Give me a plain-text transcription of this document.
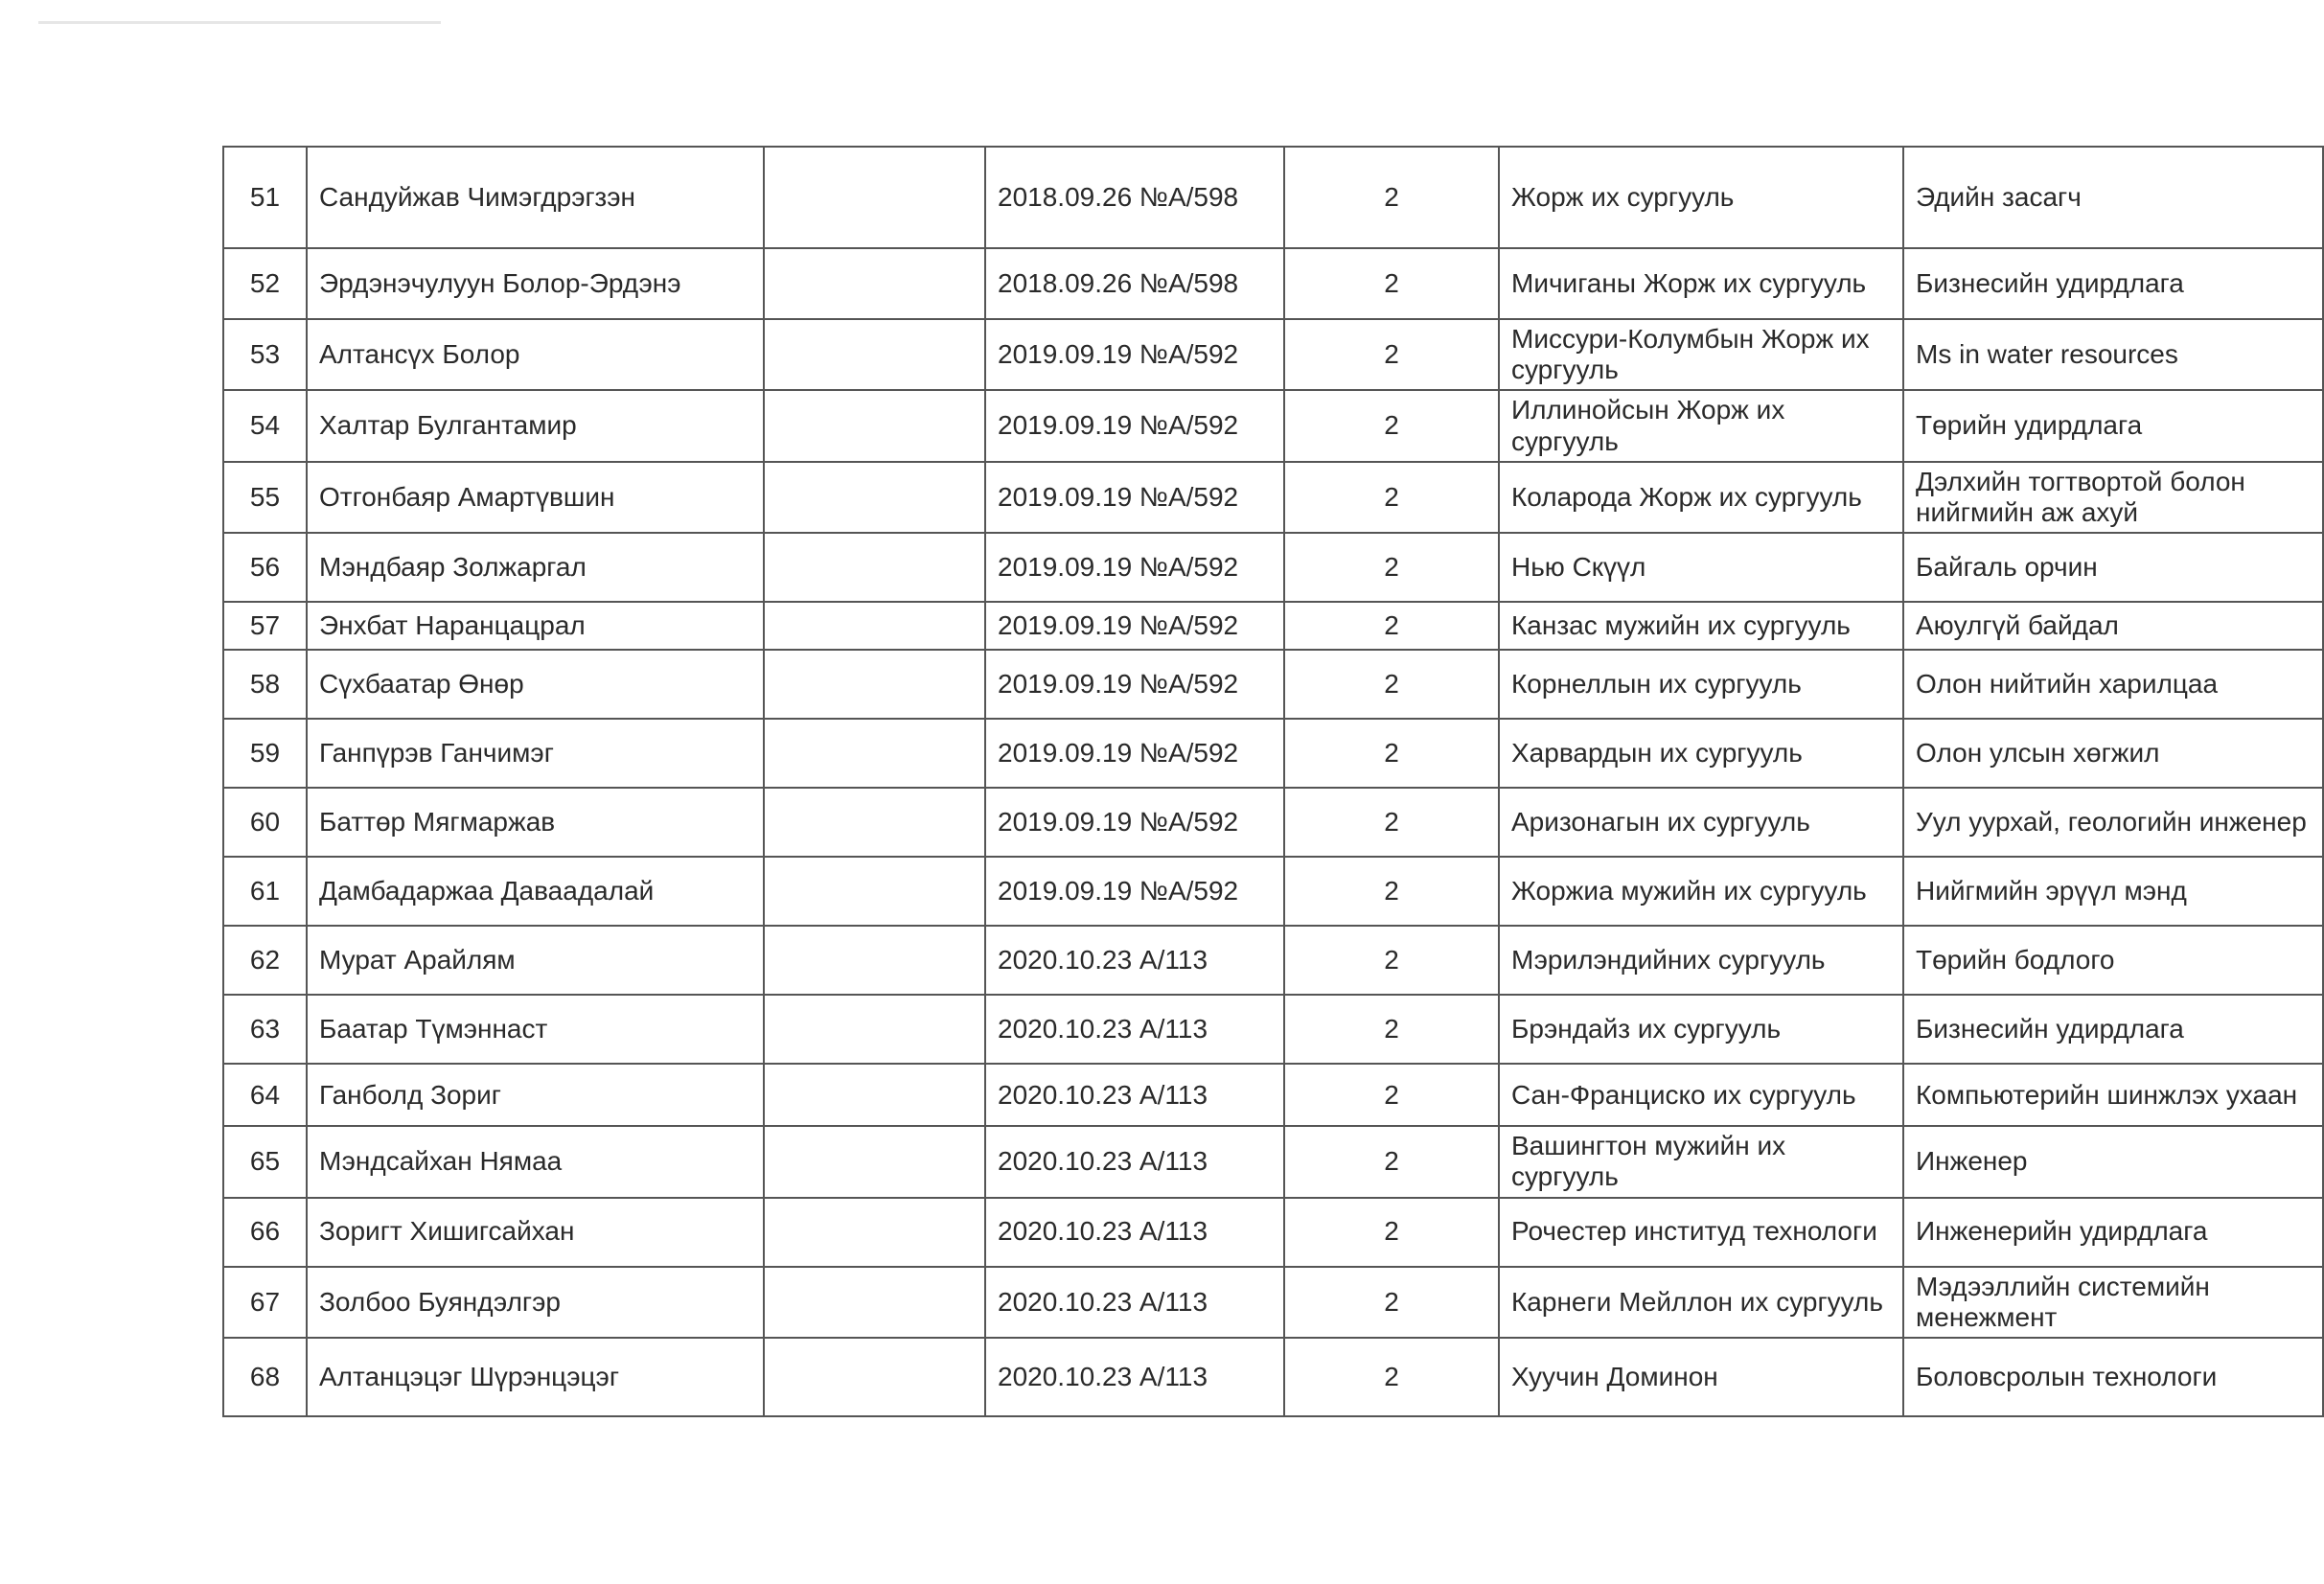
51	Сандуйжав Чимэгдрэгзэн		2018.09.26 №А/598	2	Жорж их сургууль	Эдийн засагч
52	Эрдэнэчулуун Болор-Эрдэнэ		2018.09.26 №А/598	2	Мичиганы Жорж их сургууль	Бизнесийн удирдлага
53	Алтансүх Болор		2019.09.19 №А/592	2	Миссури-Колумбын Жорж их сургууль	Ms in water resources
54	Халтар Булгантамир		2019.09.19 №А/592	2	Иллинойсын Жорж их сургууль	Төрийн удирдлага
55	Отгонбаяр Амартүвшин		2019.09.19 №А/592	2	Коларода Жорж их сургууль	Дэлхийн тогтвортой болон нийгмийн аж ахуй
56	Мэндбаяр Золжаргал		2019.09.19 №А/592	2	Нью Скүүл	Байгаль орчин
57	Энхбат Наранцацрал		2019.09.19 №А/592	2	Канзас мужийн их сургууль	Аюулгүй байдал
58	Сүхбаатар Өнөр		2019.09.19 №А/592	2	Корнеллын их сургууль	Олон нийтийн харилцаа
59	Ганпүрэв Ганчимэг		2019.09.19 №А/592	2	Харвардын их сургууль	Олон улсын хөгжил
60	Баттөр Мягмаржав		2019.09.19 №А/592	2	Аризонагын их сургууль	Уул уурхай, геологийн инженер
61	Дамбадаржаа Даваадалай		2019.09.19 №А/592	2	Жоржиа мужийн их сургууль	Нийгмийн эрүүл мэнд
62	Мурат Арайлям		2020.10.23 А/113	2	Мэрилэндийних сургууль	Төрийн бодлого
63	Баатар Түмэннаст		2020.10.23 А/113	2	Брэндайз их сургууль	Бизнесийн удирдлага
64	Ганболд Зориг		2020.10.23 А/113	2	Сан-Франциско их сургууль	Компьютерийн шинжлэх ухаан
65	Мэндсайхан Нямаа		2020.10.23 А/113	2	Вашингтон мужийн их сургууль	Инженер
66	Зоригт Хишигсайхан		2020.10.23 А/113	2	Рочестер институд технологи	Инженерийн удирдлага
67	Золбоо Буяндэлгэр		2020.10.23 А/113	2	Карнеги Мейллон их сургууль	Мэдээллийн системийн менежмент
68	Алтанцэцэг Шүрэнцэцэг		2020.10.23 А/113	2	Хуучин Доминон	Боловсролын технологи
